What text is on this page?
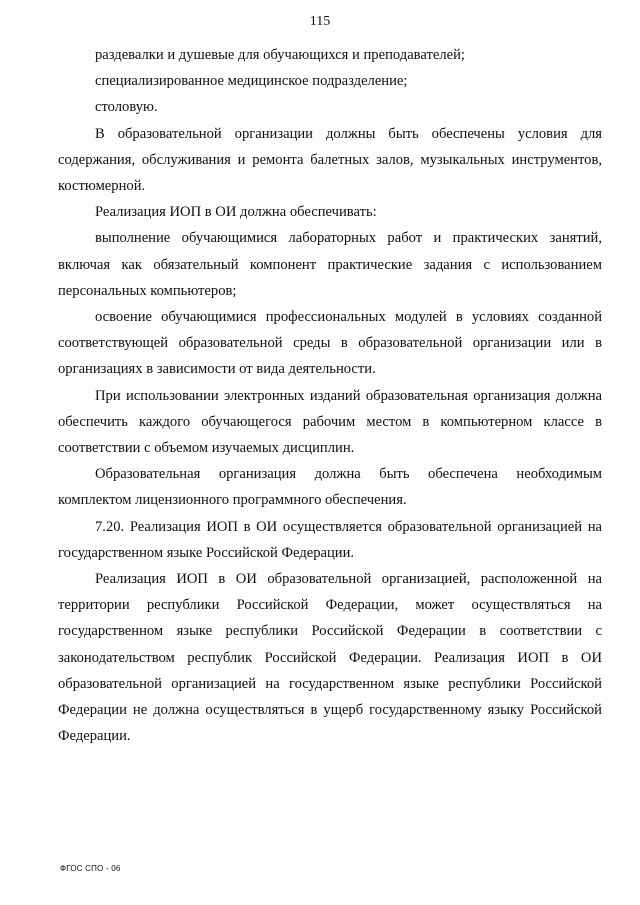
115

раздевалки и душевые для обучающихся и преподавателей;

специализированное медицинское подразделение;

столовую.

В образовательной организации должны быть обеспечены условия для содержания, обслуживания и ремонта балетных залов, музыкальных инструментов, костюмерной.

Реализация ИОП в ОИ должна обеспечивать:

выполнение обучающимися лабораторных работ и практических занятий, включая как обязательный компонент практические задания с использованием персональных компьютеров;

освоение обучающимися профессиональных модулей в условиях созданной соответствующей образовательной среды в образовательной организации или в организациях в зависимости от вида деятельности.

При использовании электронных изданий образовательная организация должна обеспечить каждого обучающегося рабочим местом в компьютерном классе в соответствии с объемом изучаемых дисциплин.

Образовательная организация должна быть обеспечена необходимым комплектом лицензионного программного обеспечения.

7.20. Реализация ИОП в ОИ осуществляется образовательной организацией на государственном языке Российской Федерации.

Реализация ИОП в ОИ образовательной организацией, расположенной на территории республики Российской Федерации, может осуществляться на государственном языке республики Российской Федерации в соответствии с законодательством республик Российской Федерации. Реализация ИОП в ОИ образовательной организацией на государственном языке республики Российской Федерации не должна осуществляться в ущерб государственному языку Российской Федерации.

ФГОС СПО - 06
